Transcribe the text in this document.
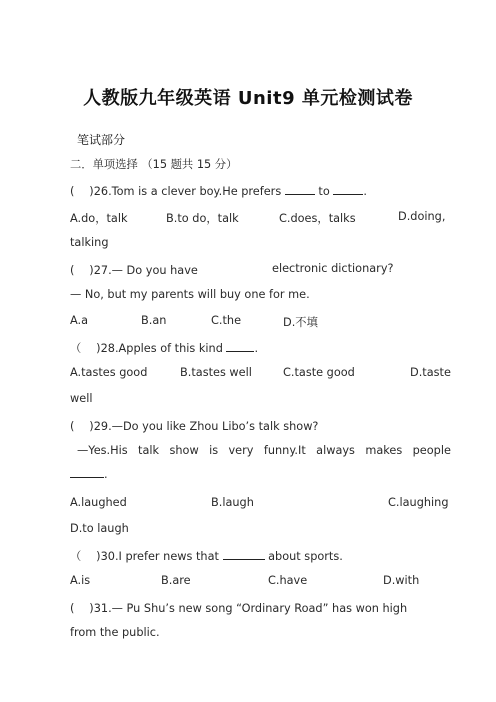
人教版九年级英语 Unit9 单元检测试卷
笔试部分
二．单项选择 （15 题共 15 分）
(　 )26.Tom is a clever boy.He prefers	to	.
A.do，talk	B.to do，talk	C.does，talks	D.doing,
talking
(　 )27.— Do you have	electronic dictionary?
— No, but my parents will buy one for me.
A.a	B.an	C.the	D.不填
（　 )28.Apples of this kind	.
A.tastes good	B.tastes well	C.taste good	D.taste
well
(　 )29.—Do you like Zhou Libo’s talk show?
—Yes.His talk show is very funny.It always makes people
.
A.laughed	B.laugh	C.laughing
D.to laugh
（　 )30.I prefer news that	about sports.
A.is	B.are	C.have	D.with
(　 )31.— Pu Shu’s new song “Ordinary Road” has won high
from the public.
